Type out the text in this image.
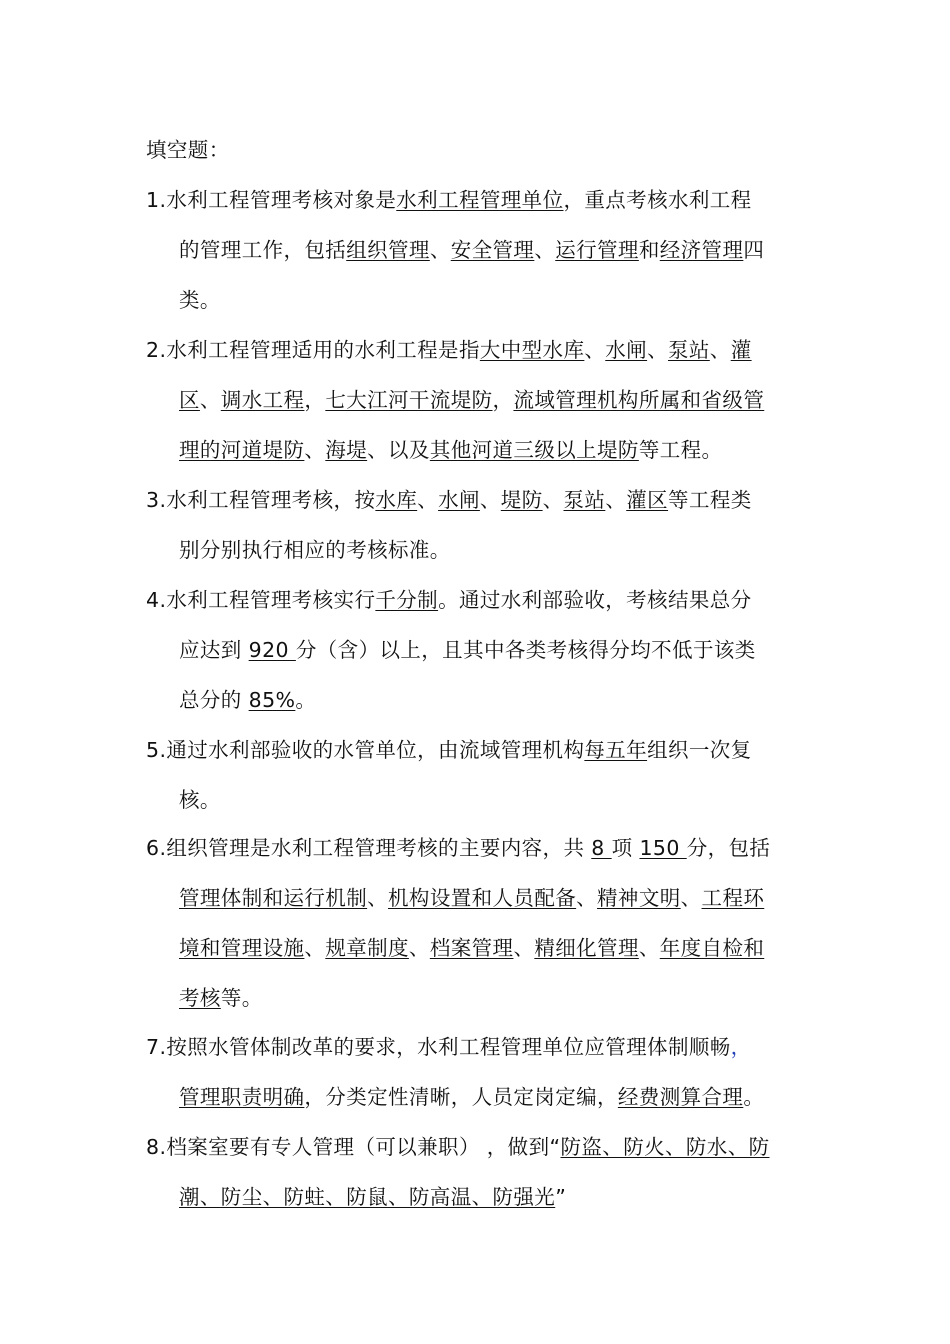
填空题：
1.水利工程管理考核对象是水利工程管理单位，重点考核水利工程
的管理工作，包括组织管理、安全管理、运行管理和经济管理四
类。
2.水利工程管理适用的水利工程是指大中型水库、水闸、泵站、灌
区、调水工程，七大江河干流堤防，流域管理机构所属和省级管
理的河道堤防、海堤、以及其他河道三级以上堤防等工程。
3.水利工程管理考核，按水库、水闸、堤防、泵站、灌区等工程类
别分别执行相应的考核标准。
4.水利工程管理考核实行千分制。通过水利部验收，考核结果总分
应达到 920 分（含）以上，且其中各类考核得分均不低于该类
总分的 85%。
5.通过水利部验收的水管单位，由流域管理机构每五年组织一次复
核。
6.组织管理是水利工程管理考核的主要内容，共 8 项 150 分，包括
管理体制和运行机制、机构设置和人员配备、精神文明、工程环
境和管理设施、规章制度、档案管理、精细化管理、年度自检和
考核等。
7.按照水管体制改革的要求，水利工程管理单位应管理体制顺畅，
管理职责明确，分类定性清晰，人员定岗定编，经费测算合理。
8.档案室要有专人管理（可以兼职） ，做到“防盗、防火、防水、防
潮、防尘、防蛀、防鼠、防高温、防强光”
